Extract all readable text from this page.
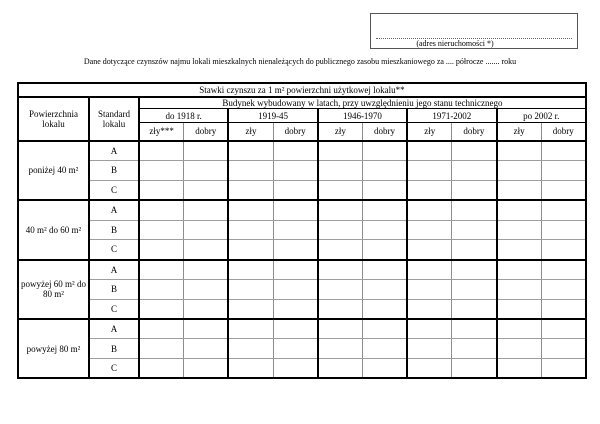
(adres nieruchomości *)
Dane dotyczące czynszów najmu lokali mieszkalnych nienależących do publicznego zasobu mieszkaniowego za .... półrocze ....... roku
Stawki czynszu za 1 m² powierzchni użytkowej lokalu**											
Powierzchnia lokalu	Standard lokalu	Budynek wybudowany w latach, przy uwzględnieniu jego stanu technicznego									
		do 1918 r.		1919-45		1946-1970		1971-2002		po 2002 r.	
		zły***	dobry	zły	dobry	zły	dobry	zły	dobry	zły	dobry
poniżej 40 m²	A										
	B										
	C										
40 m² do 60 m²	A										
	B										
	C										
powyżej 60 m² do 80 m²	A										
	B										
	C										
powyżej 80 m²	A										
	B										
	C										
